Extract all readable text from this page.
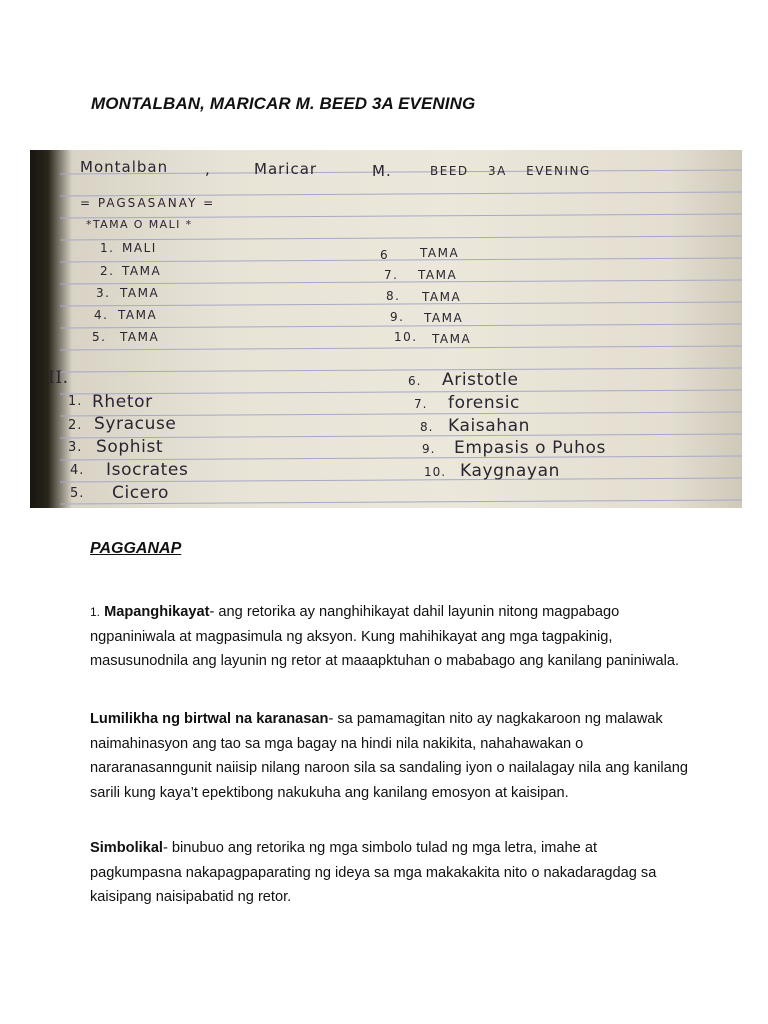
MONTALBAN, MARICAR M. BEED 3A EVENING
Montalban ,	Maricar	M.	BEED 3A EVENING
= PAGSASANAY =
*TAMA O MALI *
1. MALI
2. TAMA
3. TAMA
4. TAMA
5. TAMA
6	TAMA
7. TAMA
8. TAMA
9. TAMA
10. TAMA
II.
1. Rhetor
2. Syracuse
3. Sophist
4. Isocrates
5. Cicero
6. Aristotle
7. forensic
8. Kaisahan
9. Empasis o Puhos
10. Kaygnayan
PAGGANAP

1. Mapanghikayat- ang retorika ay nanghihikayat dahil layunin nitong magpabago ngpaniniwala at magpasimula ng aksyon. Kung mahihikayat ang mga tagpakinig, masusunodnila ang layunin ng retor at maaapktuhan o mababago ang kanilang paniniwala.

Lumilikha ng birtwal na karanasan- sa pamamagitan nito ay nagkakaroon ng malawak naimahinasyon ang tao sa mga bagay na hindi nila nakikita, nahahawakan o nararanasanngunit naiisip nilang naroon sila sa sandaling iyon o nailalagay nila ang kanilang sarili kung kaya’t epektibong nakukuha ang kanilang emosyon at kaisipan.

Simbolikal- binubuo ang retorika ng mga simbolo tulad ng mga letra, imahe at pagkumpasna nakapagpaparating ng ideya sa mga makakakita nito o nakadaragdag sa kaisipang naisipabatid ng retor.
